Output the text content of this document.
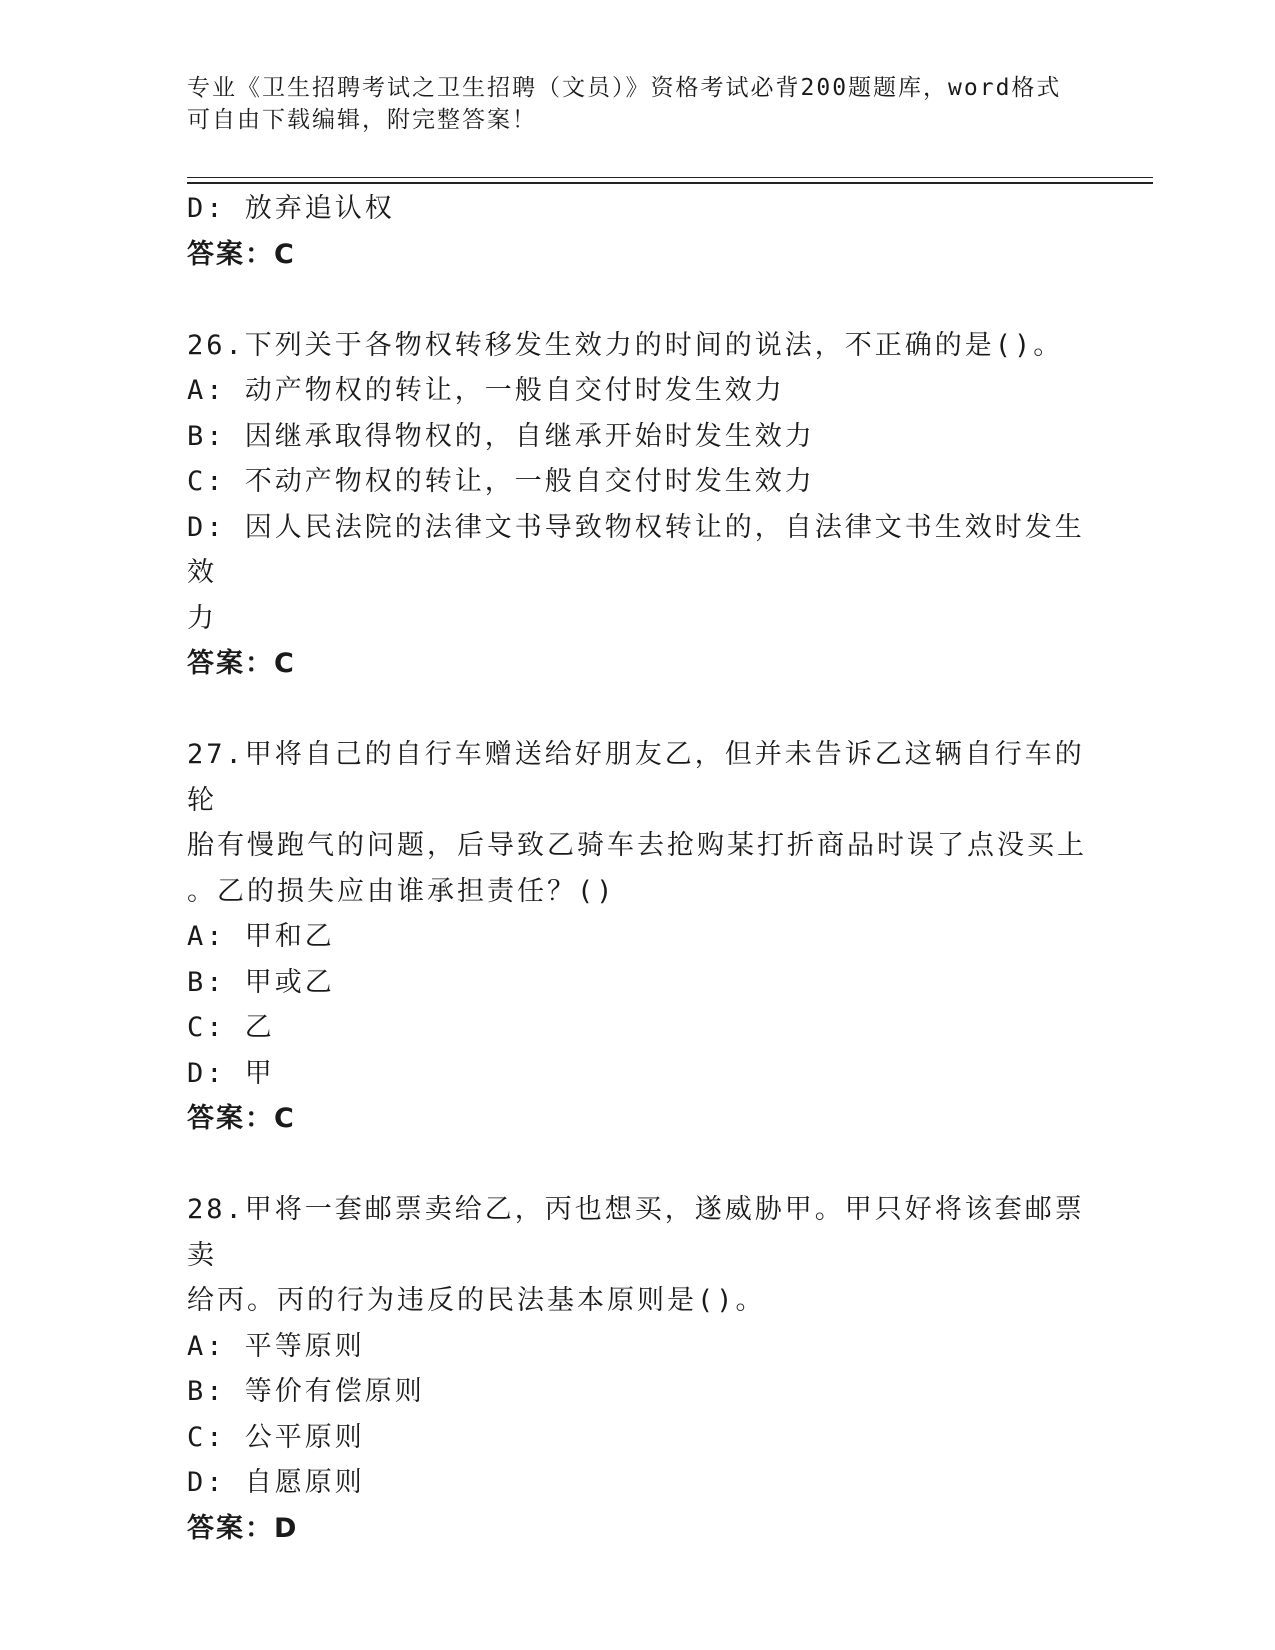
专业《卫生招聘考试之卫生招聘（文员）》资格考试必背200题题库，word格式
可自由下载编辑，附完整答案！
D: 放弃追认权
答案：C
26.下列关于各物权转移发生效力的时间的说法，不正确的是()。
A: 动产物权的转让，一般自交付时发生效力
B: 因继承取得物权的，自继承开始时发生效力
C: 不动产物权的转让，一般自交付时发生效力
D: 因人民法院的法律文书导致物权转让的，自法律文书生效时发生效
力
答案：C
27.甲将自己的自行车赠送给好朋友乙，但并未告诉乙这辆自行车的轮
胎有慢跑气的问题，后导致乙骑车去抢购某打折商品时误了点没买上
。乙的损失应由谁承担责任？()
A: 甲和乙
B: 甲或乙
C: 乙
D: 甲
答案：C
28.甲将一套邮票卖给乙，丙也想买，遂威胁甲。甲只好将该套邮票卖
给丙。丙的行为违反的民法基本原则是()。
A: 平等原则
B: 等价有偿原则
C: 公平原则
D: 自愿原则
答案：D
